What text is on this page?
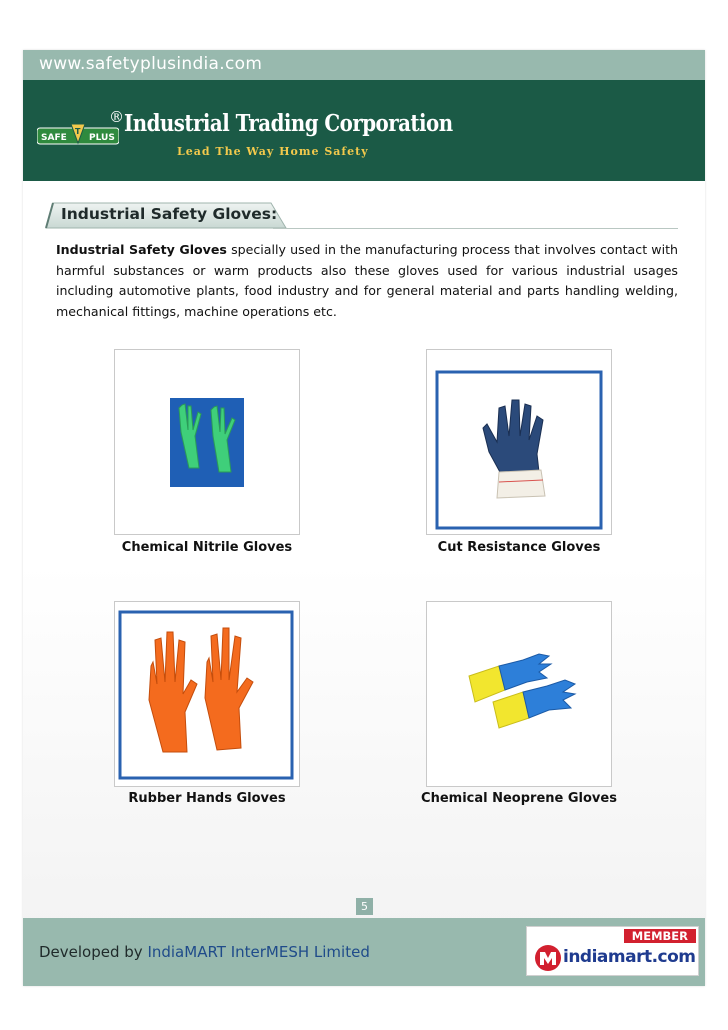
www.safetyplusindia.com
SAFE
T
PLUS
® Industrial Trading Corporation
Lead The Way Home Safety
Industrial Safety Gloves:
Industrial Safety Gloves specially used in the manufacturing process that involves contact with harmful substances or warm products also these gloves used for various industrial usages including automotive plants, food industry and for general material and parts handling welding, mechanical fittings, machine operations etc.
Chemical Nitrile Gloves	Cut Resistance Gloves
Rubber Hands Gloves	Chemical Neoprene Gloves
5
Developed by IndiaMART InterMESH Limited
MEMBER
indiamart.com
